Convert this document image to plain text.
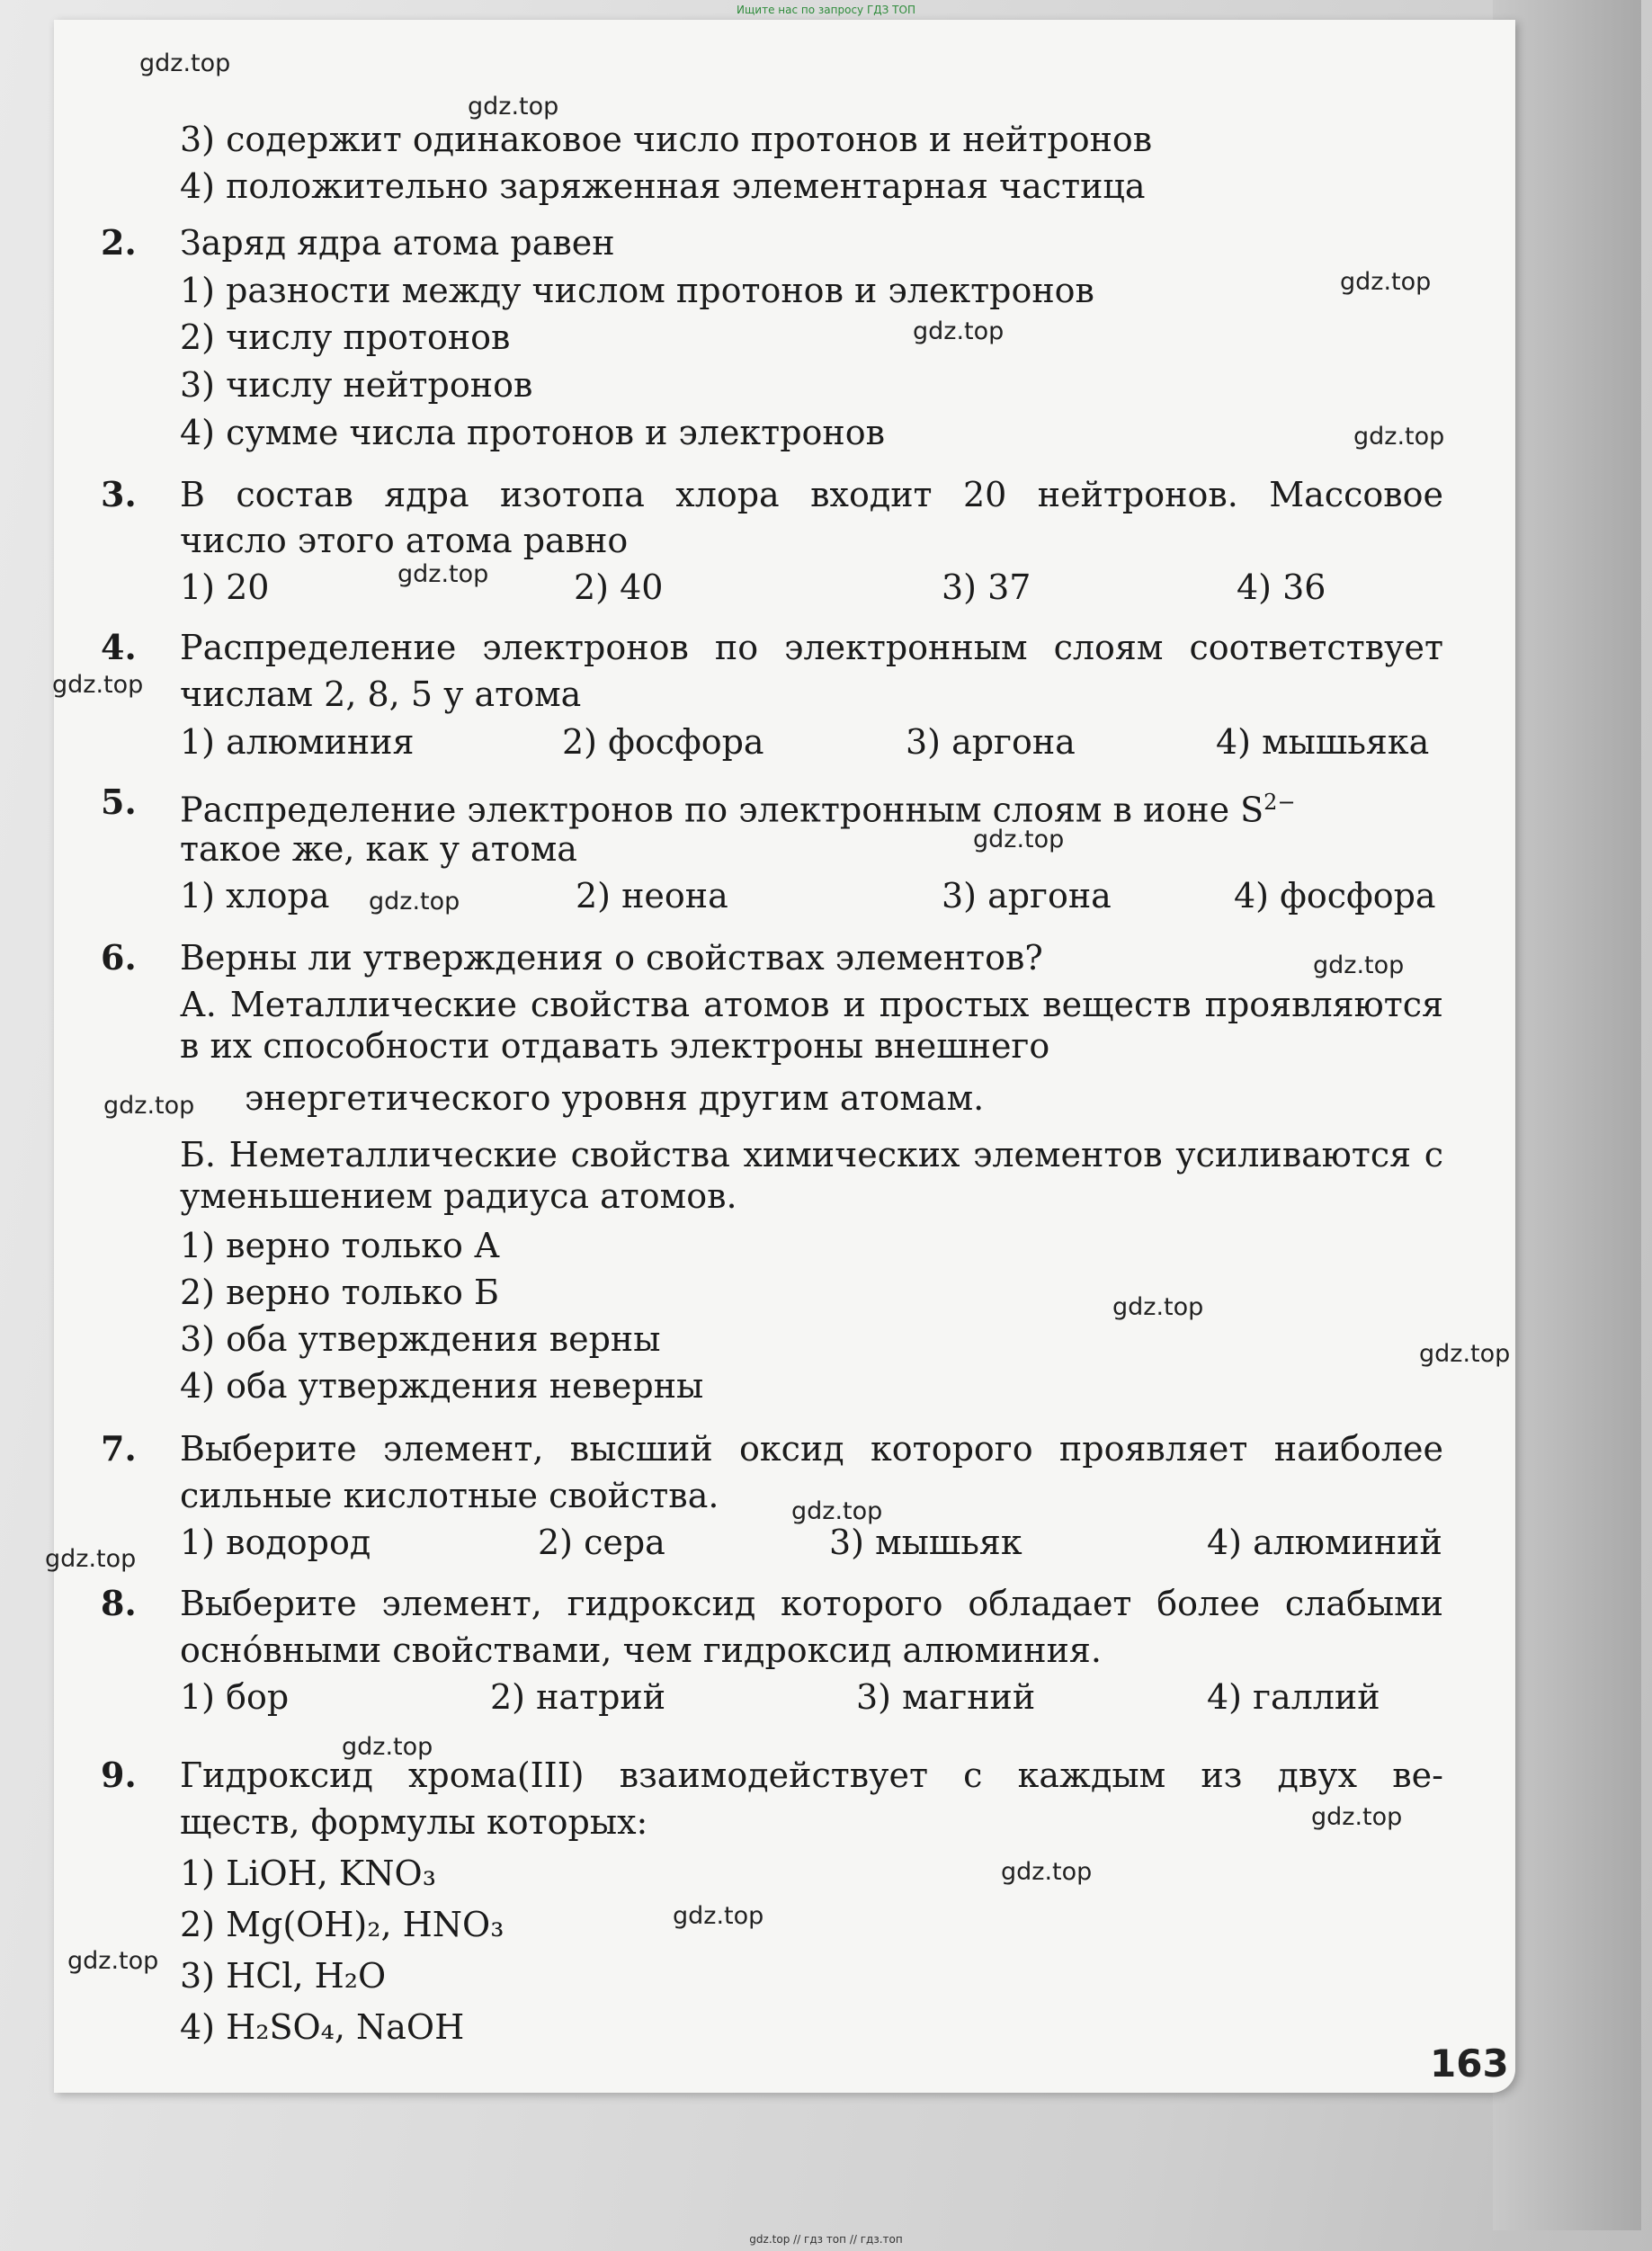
Ищите нас по запросу ГДЗ ТОП
3) содержит одинаковое число протонов и нейтронов
4) положительно заряженная элементарная частица
2. Заряд ядра атома равен
1) разности между числом протонов и электронов
2) числу протонов
3) числу нейтронов
4) сумме числа протонов и электронов
3. В состав ядра изотопа хлора входит 20 нейтронов. Массовое
число этого атома равно
1) 20	2) 40	3) 37	4) 36
4. Распределение электронов по электронным слоям соответствует
числам 2, 8, 5 у атома
1) алюминия	2) фосфора	3) аргона	4) мышьяка
5. Распределение электронов по электронным слоям в ионе $S^{2-}$
такое же, как у атома
1) хлора	2) неона	3) аргона	4) фосфора
6. Верны ли утверждения о свойствах элементов?
А. Металлические свойства атомов и простых веществ проявляются в их способности отдавать электроны внешнего
энергетического уровня другим атомам.
Б. Неметаллические свойства химических элементов усиливаются с уменьшением радиуса атомов.
1) верно только А
2) верно только Б
3) оба утверждения верны
4) оба утверждения неверны
7. Выберите элемент, высший оксид которого проявляет наиболее
сильные кислотные свойства.
1) водород	2) сера	3) мышьяк	4) алюминий
8. Выберите элемент, гидроксид которого обладает более слабыми
осно́вными свойствами, чем гидроксид алюминия.
1) бор	2) натрий	3) магний	4) галлий
9. Гидроксид хрома(III) взаимодействует с каждым из двух ве-
ществ, формулы которых:
1) LiOH, KNO₃
2) Mg(OH)₂, HNO₃
3) HCl, H₂O
4) H₂SO₄, NaOH
163
gdz.top
gdz.top
gdz.top
gdz.top
gdz.top
gdz.top
gdz.top
gdz.top
gdz.top
gdz.top
gdz.top
gdz.top
gdz.top
gdz.top
gdz.top
gdz.top
gdz.top
gdz.top
gdz.top
gdz.top
gdz.top // гдз топ // гдз.топ
